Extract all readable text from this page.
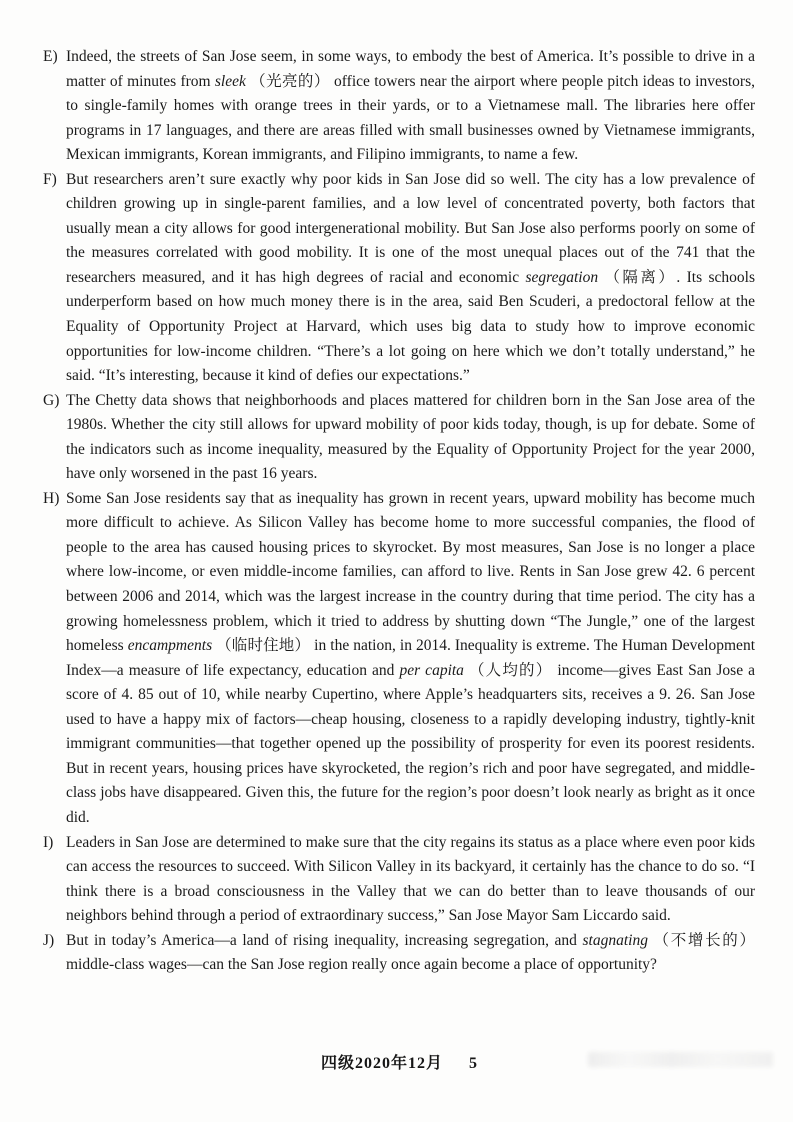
E) Indeed, the streets of San Jose seem, in some ways, to embody the best of America. It’s possible to drive in a matter of minutes from sleek （光亮的） office towers near the airport where people pitch ideas to investors, to single-family homes with orange trees in their yards, or to a Vietnamese mall. The libraries here offer programs in 17 languages, and there are areas filled with small businesses owned by Vietnamese immigrants, Mexican immigrants, Korean immigrants, and Filipino immigrants, to name a few.
F) But researchers aren’t sure exactly why poor kids in San Jose did so well. The city has a low prevalence of children growing up in single-parent families, and a low level of concentrated poverty, both factors that usually mean a city allows for good intergenerational mobility. But San Jose also performs poorly on some of the measures correlated with good mobility. It is one of the most unequal places out of the 741 that the researchers measured, and it has high degrees of racial and economic segregation （隔离）. Its schools underperform based on how much money there is in the area, said Ben Scuderi, a predoctoral fellow at the Equality of Opportunity Project at Harvard, which uses big data to study how to improve economic opportunities for low-income children. “There’s a lot going on here which we don’t totally understand,” he said. “It’s interesting, because it kind of defies our expectations.”
G) The Chetty data shows that neighborhoods and places mattered for children born in the San Jose area of the 1980s. Whether the city still allows for upward mobility of poor kids today, though, is up for debate. Some of the indicators such as income inequality, measured by the Equality of Opportunity Project for the year 2000, have only worsened in the past 16 years.
H) Some San Jose residents say that as inequality has grown in recent years, upward mobility has become much more difficult to achieve. As Silicon Valley has become home to more successful companies, the flood of people to the area has caused housing prices to skyrocket. By most measures, San Jose is no longer a place where low-income, or even middle-income families, can afford to live. Rents in San Jose grew 42. 6 percent between 2006 and 2014, which was the largest increase in the country during that time period. The city has a growing homelessness problem, which it tried to address by shutting down “The Jungle,” one of the largest homeless encampments （临时住地） in the nation, in 2014. Inequality is extreme. The Human Development Index—a measure of life expectancy, education and per capita （人均的） income—gives East San Jose a score of 4. 85 out of 10, while nearby Cupertino, where Apple’s headquarters sits, receives a 9. 26. San Jose used to have a happy mix of factors—cheap housing, closeness to a rapidly developing industry, tightly-knit immigrant communities—that together opened up the possibility of prosperity for even its poorest residents. But in recent years, housing prices have skyrocketed, the region’s rich and poor have segregated, and middle-class jobs have disappeared. Given this, the future for the region’s poor doesn’t look nearly as bright as it once did.
I) Leaders in San Jose are determined to make sure that the city regains its status as a place where even poor kids can access the resources to succeed. With Silicon Valley in its backyard, it certainly has the chance to do so. “I think there is a broad consciousness in the Valley that we can do better than to leave thousands of our neighbors behind through a period of extraordinary success,” San Jose Mayor Sam Liccardo said.
J) But in today’s America—a land of rising inequality, increasing segregation, and stagnating （不增长的） middle-class wages—can the San Jose region really once again become a place of opportunity?
四级2020年12月 5
